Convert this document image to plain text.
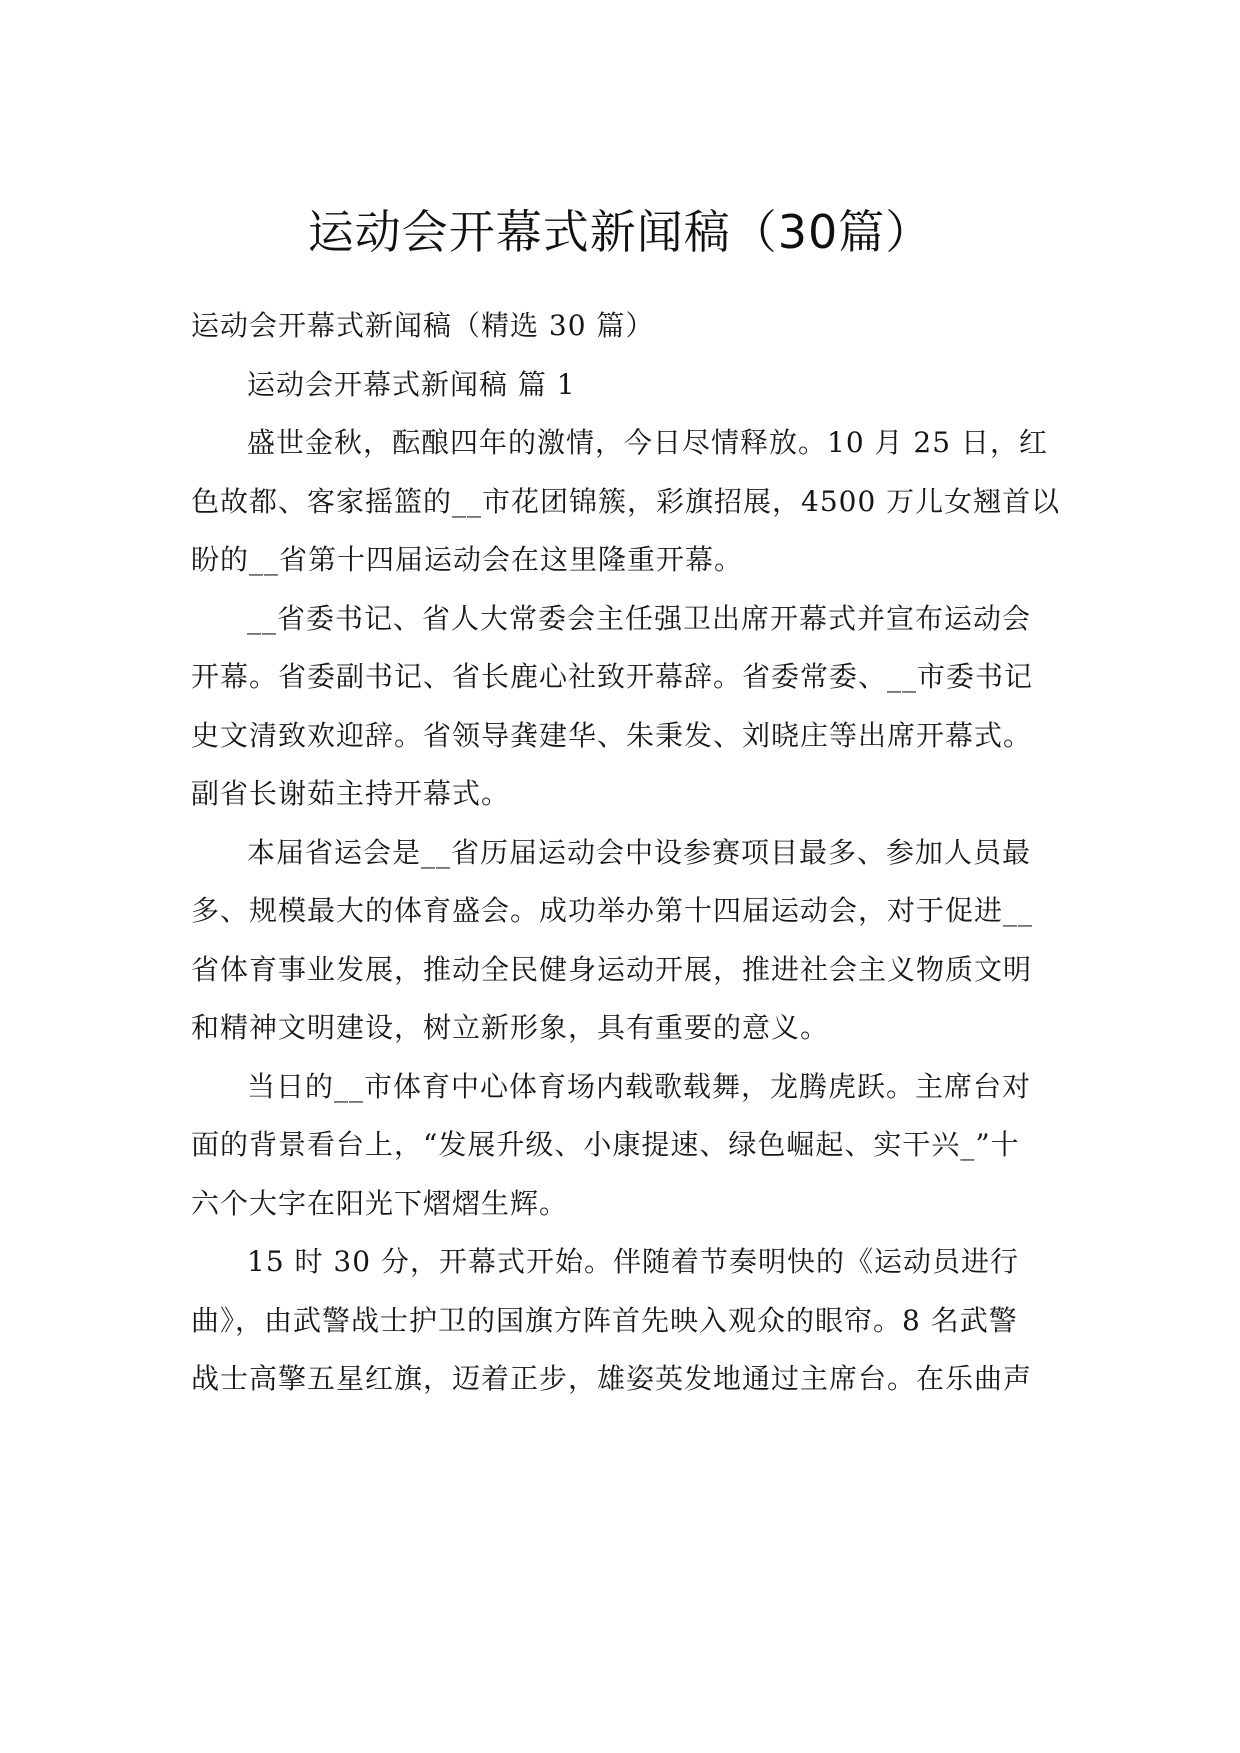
运动会开幕式新闻稿（30篇）

运动会开幕式新闻稿（精选 30 篇）

运动会开幕式新闻稿 篇 1

盛世金秋，酝酿四年的激情，今日尽情释放。10 月 25 日，红

色故都、客家摇篮的__市花团锦簇，彩旗招展，4500 万儿女翘首以

盼的__省第十四届运动会在这里隆重开幕。

__省委书记、省人大常委会主任强卫出席开幕式并宣布运动会

开幕。省委副书记、省长鹿心社致开幕辞。省委常委、__市委书记

史文清致欢迎辞。省领导龚建华、朱秉发、刘晓庄等出席开幕式。

副省长谢茹主持开幕式。

本届省运会是__省历届运动会中设参赛项目最多、参加人员最

多、规模最大的体育盛会。成功举办第十四届运动会，对于促进__

省体育事业发展，推动全民健身运动开展，推进社会主义物质文明

和精神文明建设，树立新形象，具有重要的意义。

当日的__市体育中心体育场内载歌载舞，龙腾虎跃。主席台对

面的背景看台上，“发展升级、小康提速、绿色崛起、实干兴_”十

六个大字在阳光下熠熠生辉。

15 时 30 分，开幕式开始。伴随着节奏明快的《运动员进行

曲》，由武警战士护卫的国旗方阵首先映入观众的眼帘。8 名武警

战士高擎五星红旗，迈着正步，雄姿英发地通过主席台。在乐曲声
